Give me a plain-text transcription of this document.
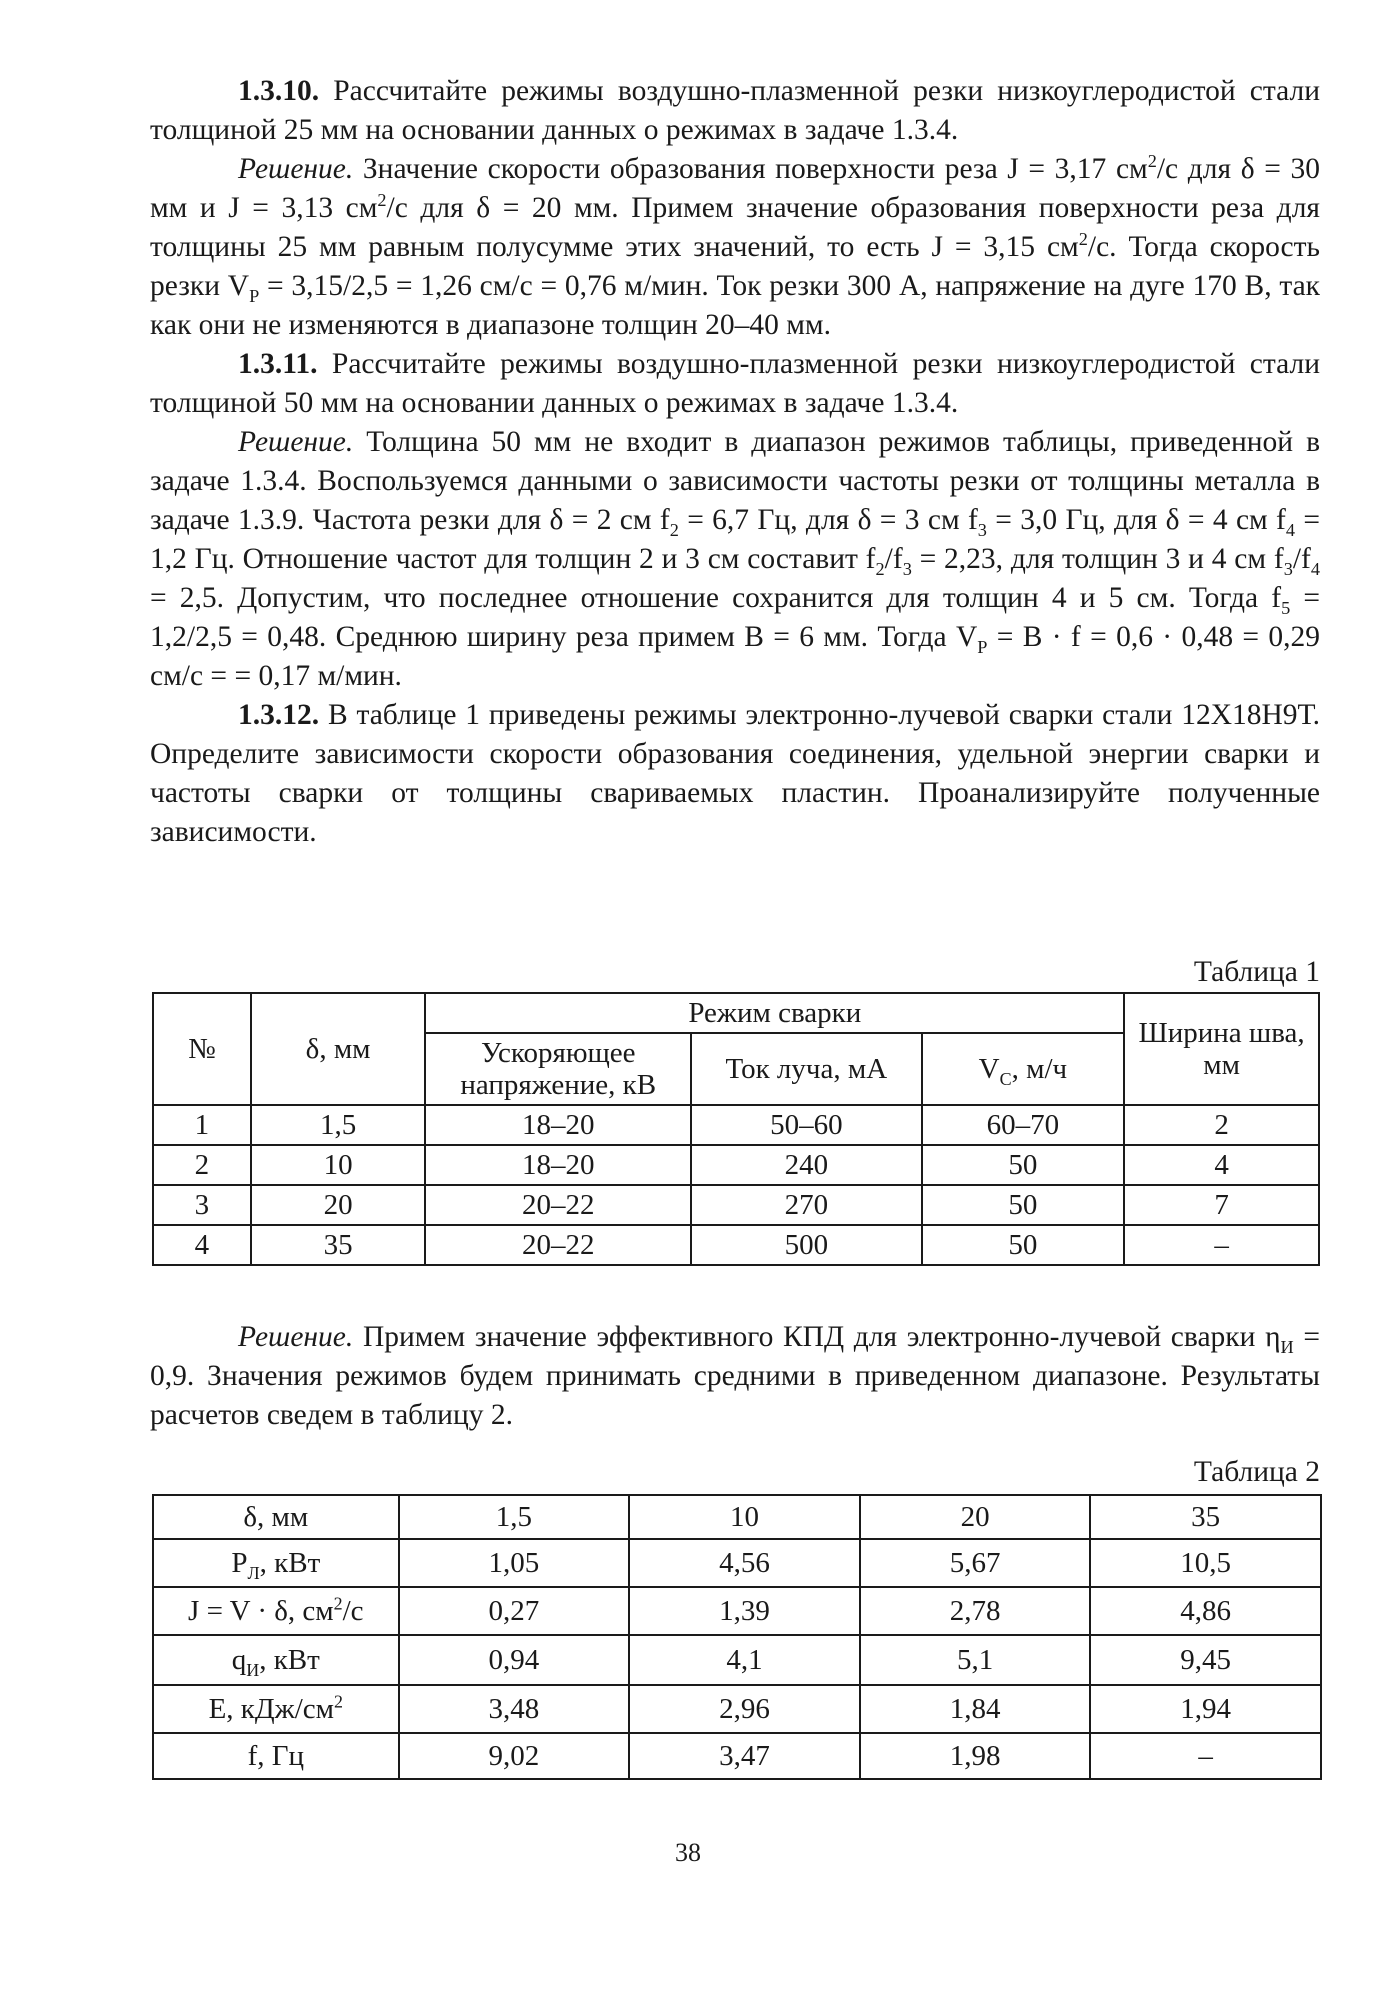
1.3.10. Рассчитайте режимы воздушно-плазменной резки низкоуглеродистой стали толщиной 25 мм на основании данных о режимах в задаче 1.3.4.

Решение. Значение скорости образования поверхности реза J = 3,17 $см^2/с$ для δ = 30 мм и J = 3,13 $см^2/с$ для δ = 20 мм. Примем значение образования поверхности реза для толщины 25 мм равным полусумме этих значений, то есть J = 3,15 $см^2/с$. Тогда скорость резки $V_Р = 3,15/2,5 = 1,26$ см/с = 0,76 м/мин. Ток резки 300 А, напряжение на дуге 170 В, так как они не изменяются в диапазоне толщин 20–40 мм.

1.3.11. Рассчитайте режимы воздушно-плазменной резки низкоуглеродистой стали толщиной 50 мм на основании данных о режимах в задаче 1.3.4.

Решение. Толщина 50 мм не входит в диапазон режимов таблицы, приведенной в задаче 1.3.4. Воспользуемся данными о зависимости частоты резки от толщины металла в задаче 1.3.9. Частота резки для δ = 2 см $f_2 = 6,7$ Гц, для δ = 3 см $f_3 = 3,0$ Гц, для δ = 4 см $f_4 = 1,2$ Гц. Отношение частот для толщин 2 и 3 см составит $f_2/f_3 = 2,23$, для толщин 3 и 4 см $f_3/f_4 = 2,5$. Допустим, что последнее отношение сохранится для толщин 4 и 5 см. Тогда $f_5 = 1,2/2,5 = 0,48$. Среднюю ширину реза примем B = 6 мм. Тогда $V_Р = B \cdot f = 0,6 \cdot 0,48 = 0,29$ см/с = = 0,17 м/мин.

1.3.12. В таблице 1 приведены режимы электронно-лучевой сварки стали 12Х18Н9Т. Определите зависимости скорости образования соединения, удельной энергии сварки и частоты сварки от толщины свариваемых пластин. Проанализируйте полученные зависимости.

Таблица 1
№	δ, мм	Режим сварки			Ширина шва, мм
		Ускоряющее напряжение, кВ	Ток луча, мА	$V_С$, м/ч	
1	1,5	18–20	50–60	60–70	2
2	10	18–20	240	50	4
3	20	20–22	270	50	7
4	35	20–22	500	50	–

Решение. Примем значение эффективного КПД для электронно-лучевой сварки $\eta_И = 0,9$. Значения режимов будем принимать средними в приведенном диапазоне. Результаты расчетов сведем в таблицу 2.

Таблица 2
δ, мм	1,5	10	20	35
$Р_Л$, кВт	1,05	4,56	5,67	10,5
J = V · δ, $см^2/с$	0,27	1,39	2,78	4,86
$q_И$, кВт	0,94	4,1	5,1	9,45
Е, кДж/$см^2$	3,48	2,96	1,84	1,94
f, Гц	9,02	3,47	1,98	–
38
